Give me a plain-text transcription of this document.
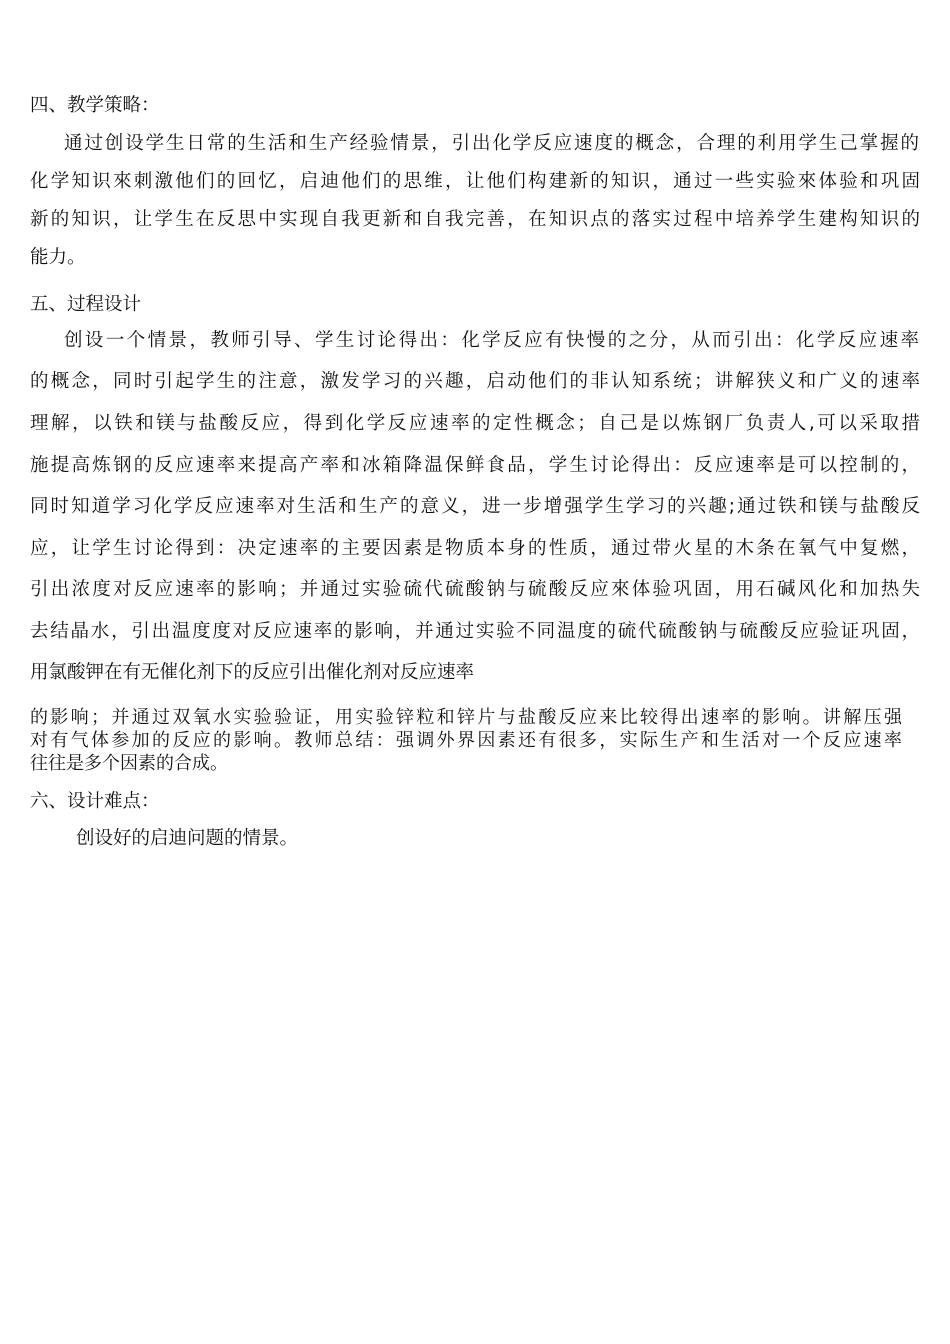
四、教学策略：
通过创设学生日常的生活和生产经验情景，引出化学反应速度的概念，合理的利用学生己掌握的
化学知识來刺激他们的回忆，启迪他们的思维，让他们构建新的知识，通过一些实验來体验和巩固
新的知识，让学生在反思中实现自我更新和自我完善，在知识点的落实过程中培养学生建构知识的
能力。
五、过程设计
创设一个情景，教师引导、学生讨论得出：化学反应有快慢的之分，从而引出：化学反应速率
的概念，同时引起学生的注意，激发学习的兴趣，启动他们的非认知系统；讲解狭义和广义的速率
理解，以铁和镁与盐酸反应，得到化学反应速率的定性概念；自己是以炼钢厂负责人,可以采取措
施提高炼钢的反应速率来提高产率和冰箱降温保鲜食品，学生讨论得出：反应速率是可以控制的，
同时知道学习化学反应速率对生活和生产的意义，进一步增强学生学习的兴趣;通过铁和镁与盐酸反
应，让学生讨论得到：决定速率的主要因素是物质本身的性质，通过带火星的木条在氧气中复燃，
引出浓度对反应速率的影响；并通过实验硫代硫酸钠与硫酸反应來体验巩固，用石碱风化和加热失
去结晶水，引出温度度对反应速率的影响，并通过实验不同温度的硫代硫酸钠与硫酸反应验证巩固，
用氯酸钾在有无催化剂下的反应引出催化剂对反应速率
的影响；并通过双氧水实验验证，用实验锌粒和锌片与盐酸反应来比较得出速率的影响。讲解压强
对有气体参加的反应的影响。教师总结：强调外界因素还有很多，实际生产和生活对一个反应速率
往往是多个因素的合成。
六、设计难点：
创设好的启迪问题的情景。
